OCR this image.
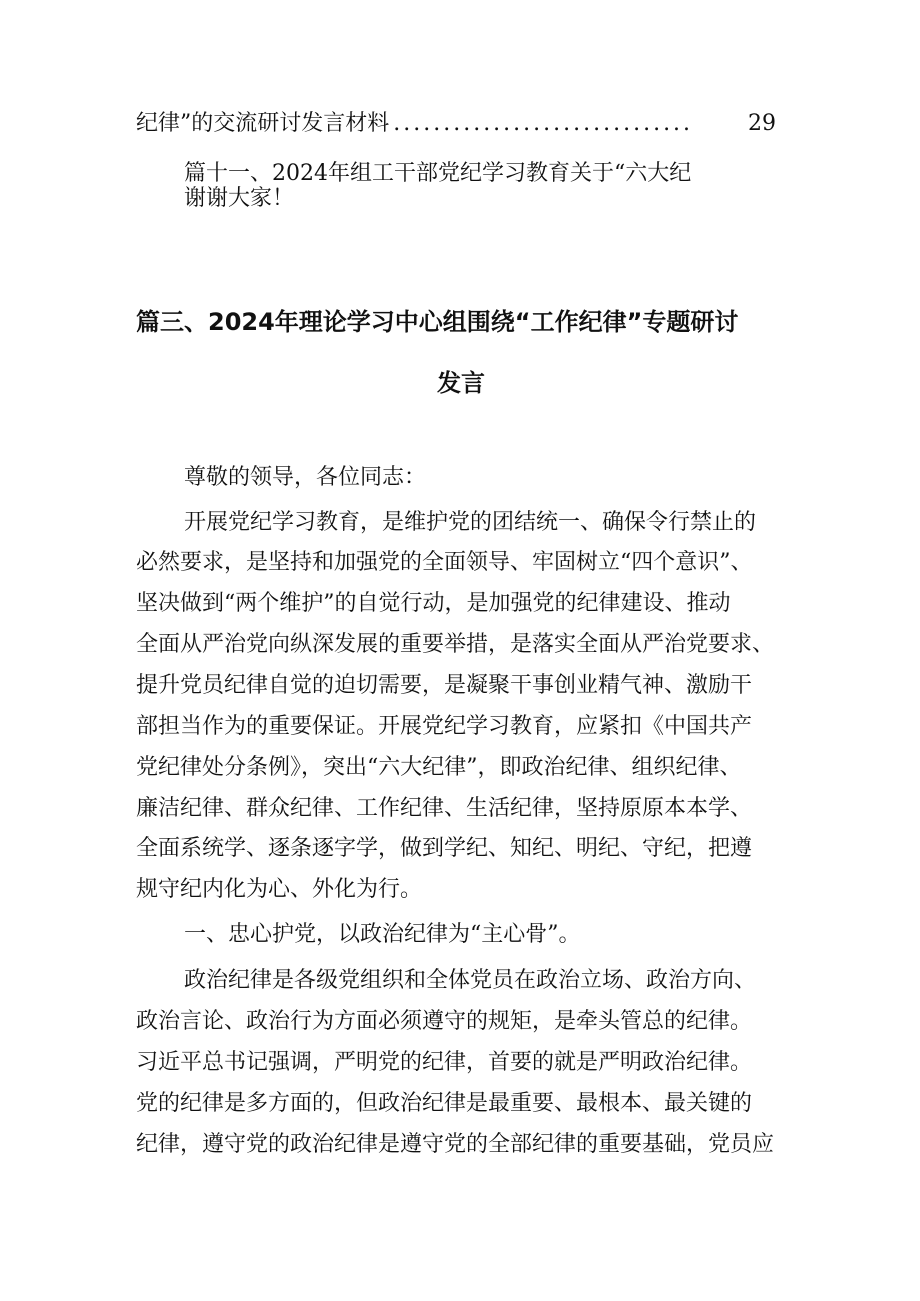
纪律”的交流研讨发言材料 ..............................	29
篇十一、2024年组工干部党纪学习教育关于“六大纪
谢谢大家！
篇三、2024年理论学习中心组围绕“工作纪律”专题研讨
发言
尊敬的领导，各位同志：
开展党纪学习教育，是维护党的团结统一、确保令行禁止的
必然要求，是坚持和加强党的全面领导、牢固树立“四个意识”、
坚决做到“两个维护”的自觉行动，是加强党的纪律建设、推动
全面从严治党向纵深发展的重要举措，是落实全面从严治党要求、
提升党员纪律自觉的迫切需要，是凝聚干事创业精气神、激励干
部担当作为的重要保证。开展党纪学习教育，应紧扣《中国共产
党纪律处分条例》，突出“六大纪律”，即政治纪律、组织纪律、
廉洁纪律、群众纪律、工作纪律、生活纪律，坚持原原本本学、
全面系统学、逐条逐字学，做到学纪、知纪、明纪、守纪，把遵
规守纪内化为心、外化为行。
一、忠心护党，以政治纪律为“主心骨”。
政治纪律是各级党组织和全体党员在政治立场、政治方向、
政治言论、政治行为方面必须遵守的规矩，是牵头管总的纪律。
习近平总书记强调，严明党的纪律，首要的就是严明政治纪律。
党的纪律是多方面的，但政治纪律是最重要、最根本、最关键的
纪律，遵守党的政治纪律是遵守党的全部纪律的重要基础，党员应
